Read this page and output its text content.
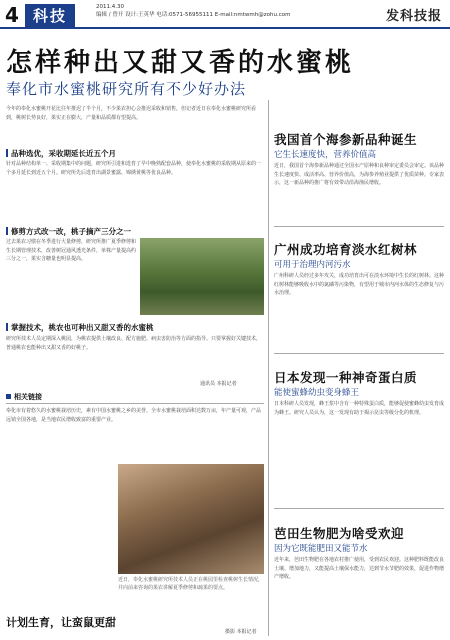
4 科技	2011.4.30
编辑 / 曾开 设计:王英华 电话:0571-56955111 E-mail:nmtwmh@zohu.com	发科技报
怎样种出又甜又香的水蜜桃
奉化市水蜜桃研究所有不少好办法
今年的奉化水蜜桃开花比往年推迟了半个月，不少果农担心会推迟采收和销售，但记者近日在奉化水蜜桃研究所看到，桃树长势良好，果实正在膨大，产量和品质都有望提高。
品种选优，采收期延长近五个月
针对品种结构单一、采收期集中的问题，研究所引进和选育了早中晚熟配套品种，使奉化水蜜桃的采收期从原来的一个多月延长到近五个月。研究所先后选育出湖景蜜露、锦绣黄桃等优良品种。
修剪方式改一改，桃子摘产三分之一
过去果农习惯在冬季进行大量修剪，研究所推广夏季修剪和生长期管理技术，改善树冠通风透光条件，单株产量提高约三分之一，果实含糖量也明显提高。
掌握技术，桃农也可种出又甜又香的水蜜桃
研究所技术人员定期深入桃园，为桃农提供土壤改良、配方施肥、病虫害防治等方面的指导。只要掌握好关键技术，普通桃农也能种出又甜又香的好桃子。
通讯员 本报记者
相关链接
奉化市有着悠久的水蜜桃栽培历史，素有中国水蜜桃之乡的美誉。全市水蜜桃栽培面积达数万亩，年产量可观，产品远销全国各地，是当地农民增收致富的重要产业。
近日，奉化水蜜桃研究所技术人员正在桃园里检查桃树生长情况，并向前来咨询的果农讲解夏季修剪和疏果的要点。
摄影 本报记者
计划生育，让蛮鼠更甜
我国首个海参新品种诞生
它生长速度快，营养价值高
近日，我国首个海参新品种通过全国水产原种和良种审定委员会审定。该品种生长速度快、成活率高、营养价值高，为海参养殖业提供了优质苗种。专家表示，这一新品种的推广将有效带动沿海渔民增收。
广州成功培育淡水红树林
可用于治理内河污水
广州科研人员经过多年攻关，成功培育出可在淡水环境中生长的红树林。这种红树林能够吸收水中的氮磷等污染物，有望用于城市内河水体的生态修复与污水治理。
日本发现一种神奇蛋白质
能使蜜蜂幼虫变身蜂王
日本科研人员发现，蜂王浆中含有一种特殊蛋白质，能够促使蜜蜂幼虫发育成为蜂王。研究人员认为，这一发现有助于揭示昆虫等级分化的机理。
芭田生物肥为啥受欢迎
因为它既能肥田又能节水
近年来，芭田生物肥在各地农村推广使用，受到农民欢迎。这种肥料既能改良土壤、增加地力，又能提高土壤保水能力，达到节水节肥的效果，促进作物增产增收。
